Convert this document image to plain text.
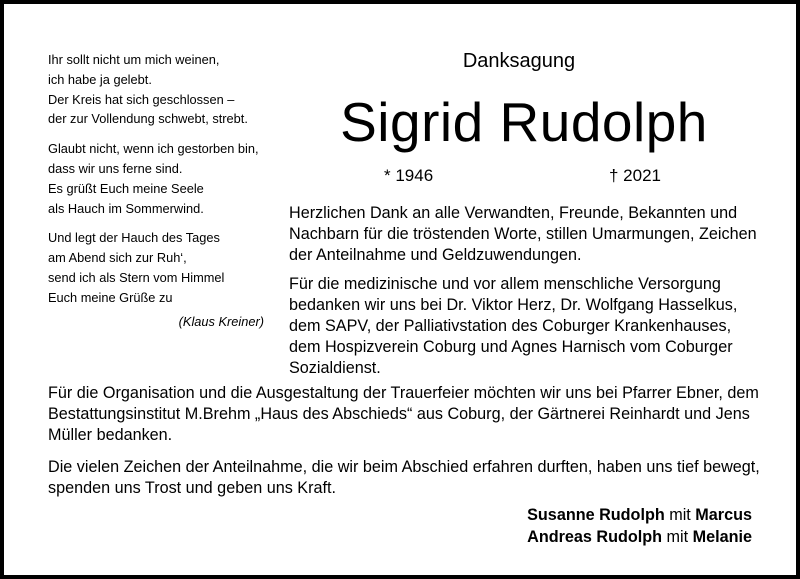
Ihr sollt nicht um mich weinen,
ich habe ja gelebt.
Der Kreis hat sich geschlossen –
der zur Vollendung schwebt, strebt.
Glaubt nicht, wenn ich gestorben bin,
dass wir uns ferne sind.
Es grüßt Euch meine Seele
als Hauch im Sommerwind.
Und legt der Hauch des Tages
am Abend sich zur Ruh‘,
send ich als Stern vom Himmel
Euch meine Grüße zu
(Klaus Kreiner)
Danksagung
Sigrid Rudolph
* 1946	† 2021

Herzlichen Dank an alle Verwandten, Freunde, Bekannten und Nachbarn für die tröstenden Worte, stillen Umarmungen, Zeichen der Anteilnahme und Geldzuwendungen.

Für die medizinische und vor allem menschliche Versorgung bedanken wir uns bei Dr. Viktor Herz, Dr. Wolfgang Hasselkus, dem SAPV, der Palliativstation des Coburger Krankenhauses, dem Hospizverein Coburg und Agnes Harnisch vom Coburger Sozialdienst.

Für die Organisation und die Ausgestaltung der Trauerfeier möchten wir uns bei Pfarrer Ebner, dem Bestattungsinstitut M.Brehm „Haus des Abschieds“ aus Coburg, der Gärtnerei Reinhardt und Jens Müller bedanken.

Die vielen Zeichen der Anteilnahme, die wir beim Abschied erfahren durften, haben uns tief bewegt, spenden uns Trost und geben uns Kraft.

Susanne Rudolph mit Marcus
Andreas Rudolph mit Melanie
